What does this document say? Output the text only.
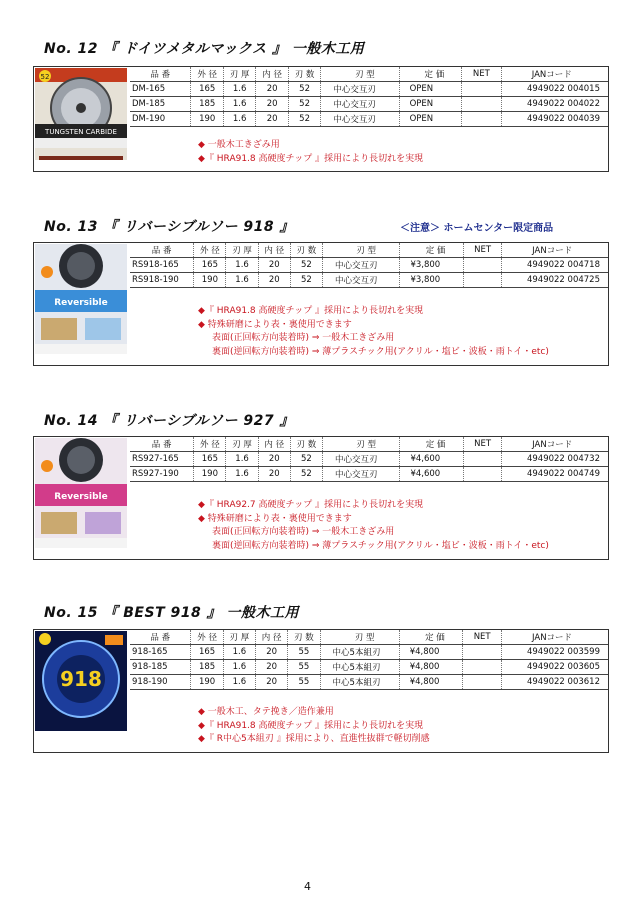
No. 12 『 ドイツメタルマックス 』 一般木工用
TUNGSTEN CARBIDE
52	品 番	外 径	刃 厚	内 径	刃 数	刃 型	定 価	NET	JANコード
DM-165	165	1.6	20	52	中心交互刃	OPEN		4949022 004015
DM-185	185	1.6	20	52	中心交互刃	OPEN		4949022 004022
DM-190	190	1.6	20	52	中心交互刃	OPEN		4949022 004039
◆ 一般木工きざみ用
◆『 HRA91.8 高硬度チップ 』採用により長切れを実現
No. 13 『 リバーシブルソー 918 』	＜注意＞ ホームセンター限定商品
Reversible
品 番	外 径	刃 厚	内 径	刃 数	刃 型	定 価	NET	JANコード
RS918-165	165	1.6	20	52	中心交互刃	¥3,800		4949022 004718
RS918-190	190	1.6	20	52	中心交互刃	¥3,800		4949022 004725
◆『 HRA91.8 高硬度チップ 』採用により長切れを実現
◆ 特殊研磨により表・裏使用できます
表面(正回転方向装着時) ⇒ 一般木工きざみ用
裏面(逆回転方向装着時) ⇒ 薄プラスチック用(アクリル・塩ビ・波板・雨トイ・etc)
No. 14 『 リバーシブルソー 927 』
Reversible
品 番	外 径	刃 厚	内 径	刃 数	刃 型	定 価	NET	JANコード
RS927-165	165	1.6	20	52	中心交互刃	¥4,600		4949022 004732
RS927-190	190	1.6	20	52	中心交互刃	¥4,600		4949022 004749
◆『 HRA92.7 高硬度チップ 』採用により長切れを実現
◆ 特殊研磨により表・裏使用できます
表面(正回転方向装着時) ⇒ 一般木工きざみ用
裏面(逆回転方向装着時) ⇒ 薄プラスチック用(アクリル・塩ビ・波板・雨トイ・etc)
No. 15 『 BEST 918 』 一般木工用
918
品 番	外 径	刃 厚	内 径	刃 数	刃 型	定 価	NET	JANコード
918-165	165	1.6	20	55	中心5本組刃	¥4,800		4949022 003599
918-185	185	1.6	20	55	中心5本組刃	¥4,800		4949022 003605
918-190	190	1.6	20	55	中心5本組刃	¥4,800		4949022 003612
◆ 一般木工、タテ挽き／造作兼用
◆『 HRA91.8 高硬度チップ 』採用により長切れを実現
◆『 R中心5本組刃 』採用により、直進性抜群で軽切削感
4
